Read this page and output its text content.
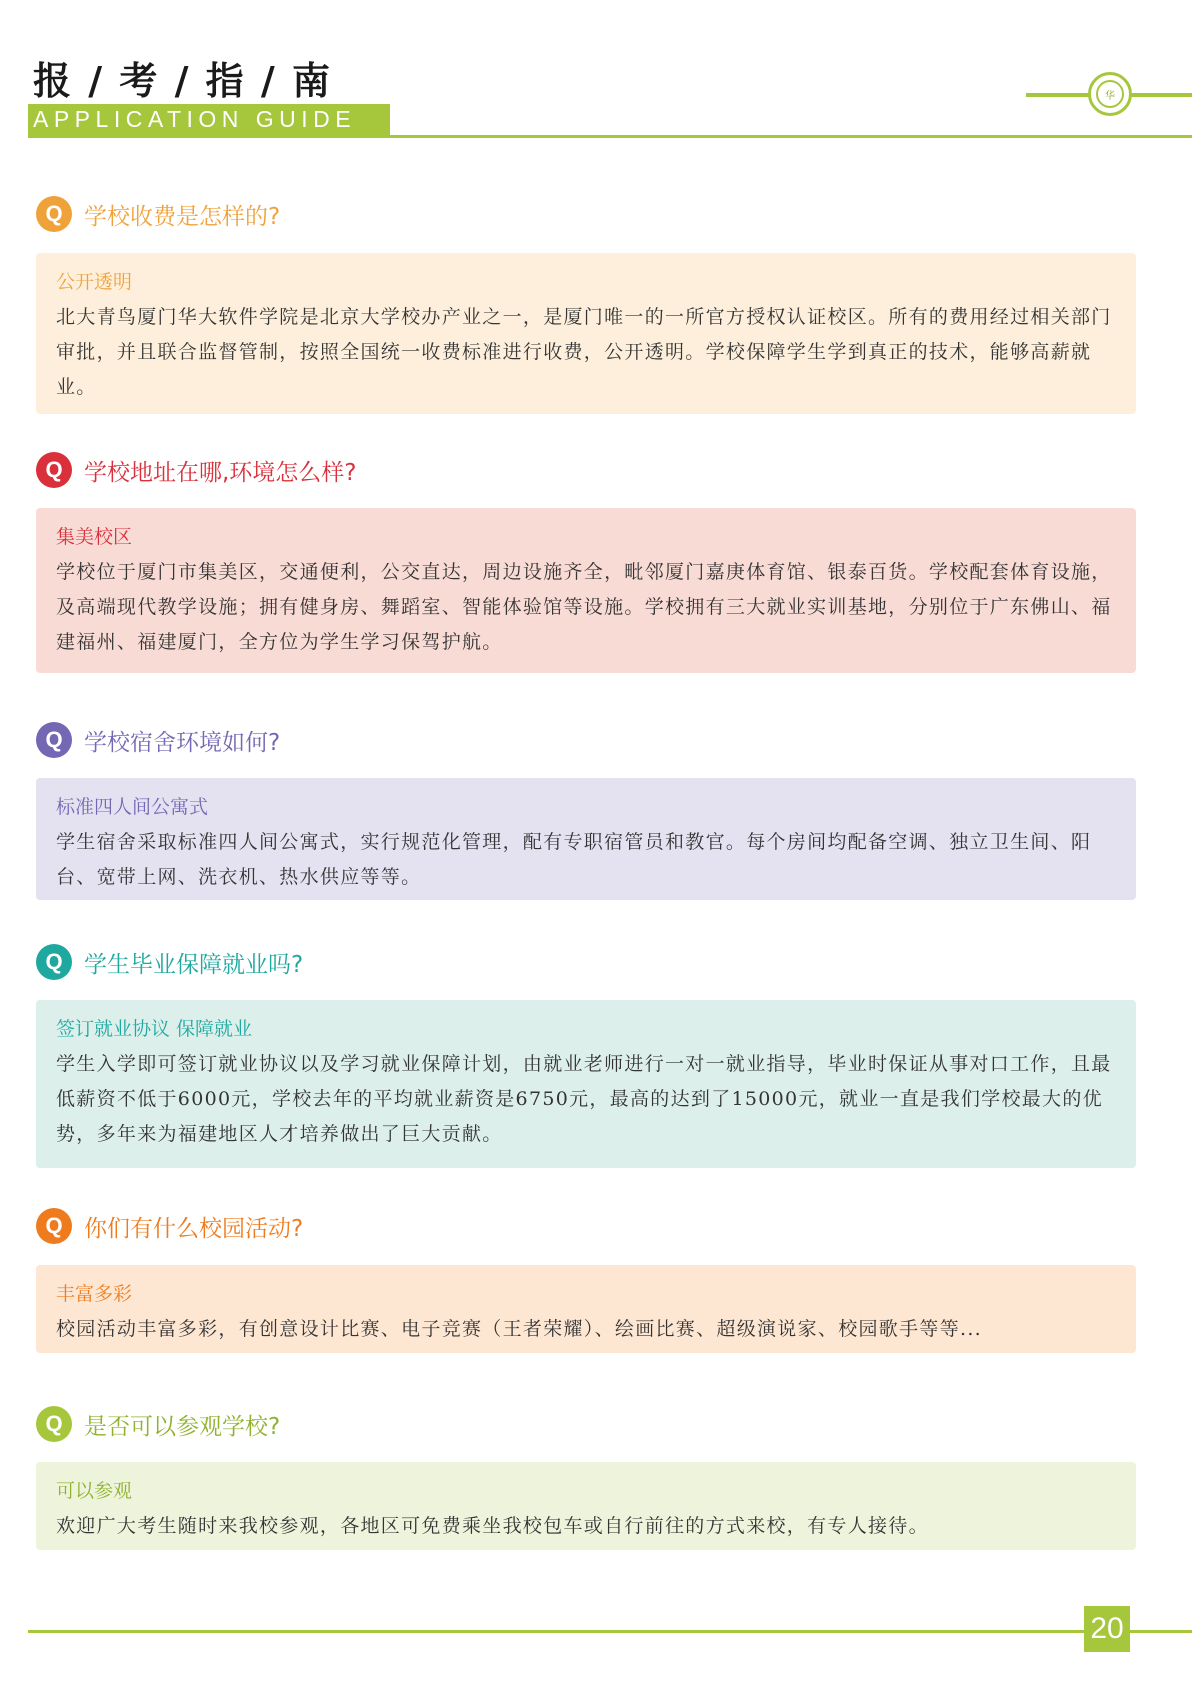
报 / 考 / 指 / 南
APPLICATION GUIDE
华
Q 学校收费是怎样的?
公开透明
北大青鸟厦门华大软件学院是北京大学校办产业之一，是厦门唯一的一所官方授权认证校区。所有的费用经过相关部门审批，并且联合监督管制，按照全国统一收费标准进行收费，公开透明。学校保障学生学到真正的技术，能够高薪就业。
Q 学校地址在哪,环境怎么样?
集美校区
学校位于厦门市集美区，交通便利，公交直达，周边设施齐全，毗邻厦门嘉庚体育馆、银泰百货。学校配套体育设施，及高端现代教学设施；拥有健身房、舞蹈室、智能体验馆等设施。学校拥有三大就业实训基地，分别位于广东佛山、福建福州、福建厦门，全方位为学生学习保驾护航。
Q 学校宿舍环境如何?
标准四人间公寓式
学生宿舍采取标准四人间公寓式，实行规范化管理，配有专职宿管员和教官。每个房间均配备空调、独立卫生间、阳台、宽带上网、洗衣机、热水供应等等。
Q 学生毕业保障就业吗?
签订就业协议 保障就业
学生入学即可签订就业协议以及学习就业保障计划，由就业老师进行一对一就业指导，毕业时保证从事对口工作，且最低薪资不低于6000元，学校去年的平均就业薪资是6750元，最高的达到了15000元，就业一直是我们学校最大的优势，多年来为福建地区人才培养做出了巨大贡献。
Q 你们有什么校园活动?
丰富多彩
校园活动丰富多彩，有创意设计比赛、电子竞赛（王者荣耀）、绘画比赛、超级演说家、校园歌手等等...
Q 是否可以参观学校?
可以参观
欢迎广大考生随时来我校参观，各地区可免费乘坐我校包车或自行前往的方式来校，有专人接待。
20
